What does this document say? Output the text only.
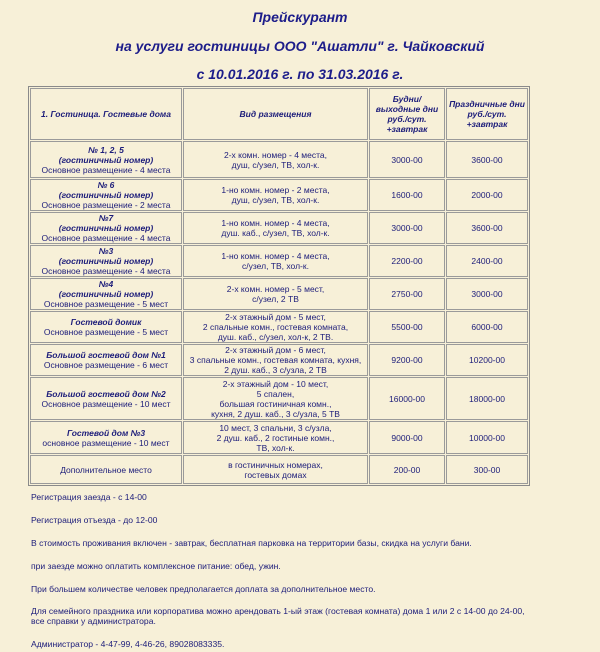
Прейскурант
на услуги гостиницы ООО "Ашатли" г. Чайковский
с 10.01.2016 г. по 31.03.2016 г.
1. Гостиница. Гостевые дома	Вид размещения	Будни/
выходные дни
руб./сут.
+завтрак	Праздничные дни
руб./сут.
+завтрак

№ 1, 2, 5
(гостиничный номер)
Основное размещение - 4 места	2-х комн. номер - 4 места,
душ, с/узел, ТВ, хол-к.	3000-00	3600-00

№ 6
(гостиничный номер)
Основное размещение - 2 места	1-но комн. номер - 2 места,
душ, с/узел, ТВ, хол-к.	1600-00	2000-00

№7
(гостиничный номер)
Основное размещение - 4 места	1-но комн. номер - 4 места,
душ. каб., с/узел, ТВ, хол-к.	3000-00	3600-00

№3
(гостиничный номер)
Основное размещение - 4 места	1-но комн. номер - 4 места,
с/узел, ТВ, хол-к.	2200-00	2400-00

№4
(гостиничный номер)
Основное размещение - 5 мест	2-х комн. номер - 5 мест,
с/узел, 2 ТВ	2750-00	3000-00

Гостевой домик
Основное размещение - 5 мест	2-х этажный дом - 5 мест,
2 спальные комн., гостевая комната,
душ. каб., с/узел, хол-к, 2 ТВ.	5500-00	6000-00

Большой гостевой дом №1
Основное размещение - 6 мест	2-х этажный дом - 6 мест,
3 спальные комн., гостевая комната, кухня,
2 душ. каб., 3 с/узла, 2 ТВ	9200-00	10200-00

Большой гостевой дом №2
Основное размещение - 10 мест	2-х этажный дом - 10 мест,
5 спален,
большая гостиничная комн.,
кухня, 2 душ. каб., 3 с/узла, 5 ТВ	16000-00	18000-00

Гостевой дом №3
основное размещение - 10 мест	10 мест, 3 спальни, 3 с/узла,
2 душ. каб., 2 гостиные комн.,
ТВ, хол-к.	9000-00	10000-00
Дополнительное место	в гостиничных номерах,
гостевых домах	200-00	300-00

Регистрация заезда - с 14-00

Регистрация отъезда - до 12-00

В стоимость проживания включен - завтрак, бесплатная парковка на территории базы, скидка на услуги бани.

при заезде можно оплатить комплексное питание: обед, ужин.

При большем количестве человек предполагается доплата за дополнительное место.

Для семейного праздника или корпоратива можно арендовать 1-ый этаж (гостевая комната) дома 1 или 2 с 14-00 до 24-00,

все справки у администратора.

Администратор - 4-47-99, 4-46-26, 89028083335.
